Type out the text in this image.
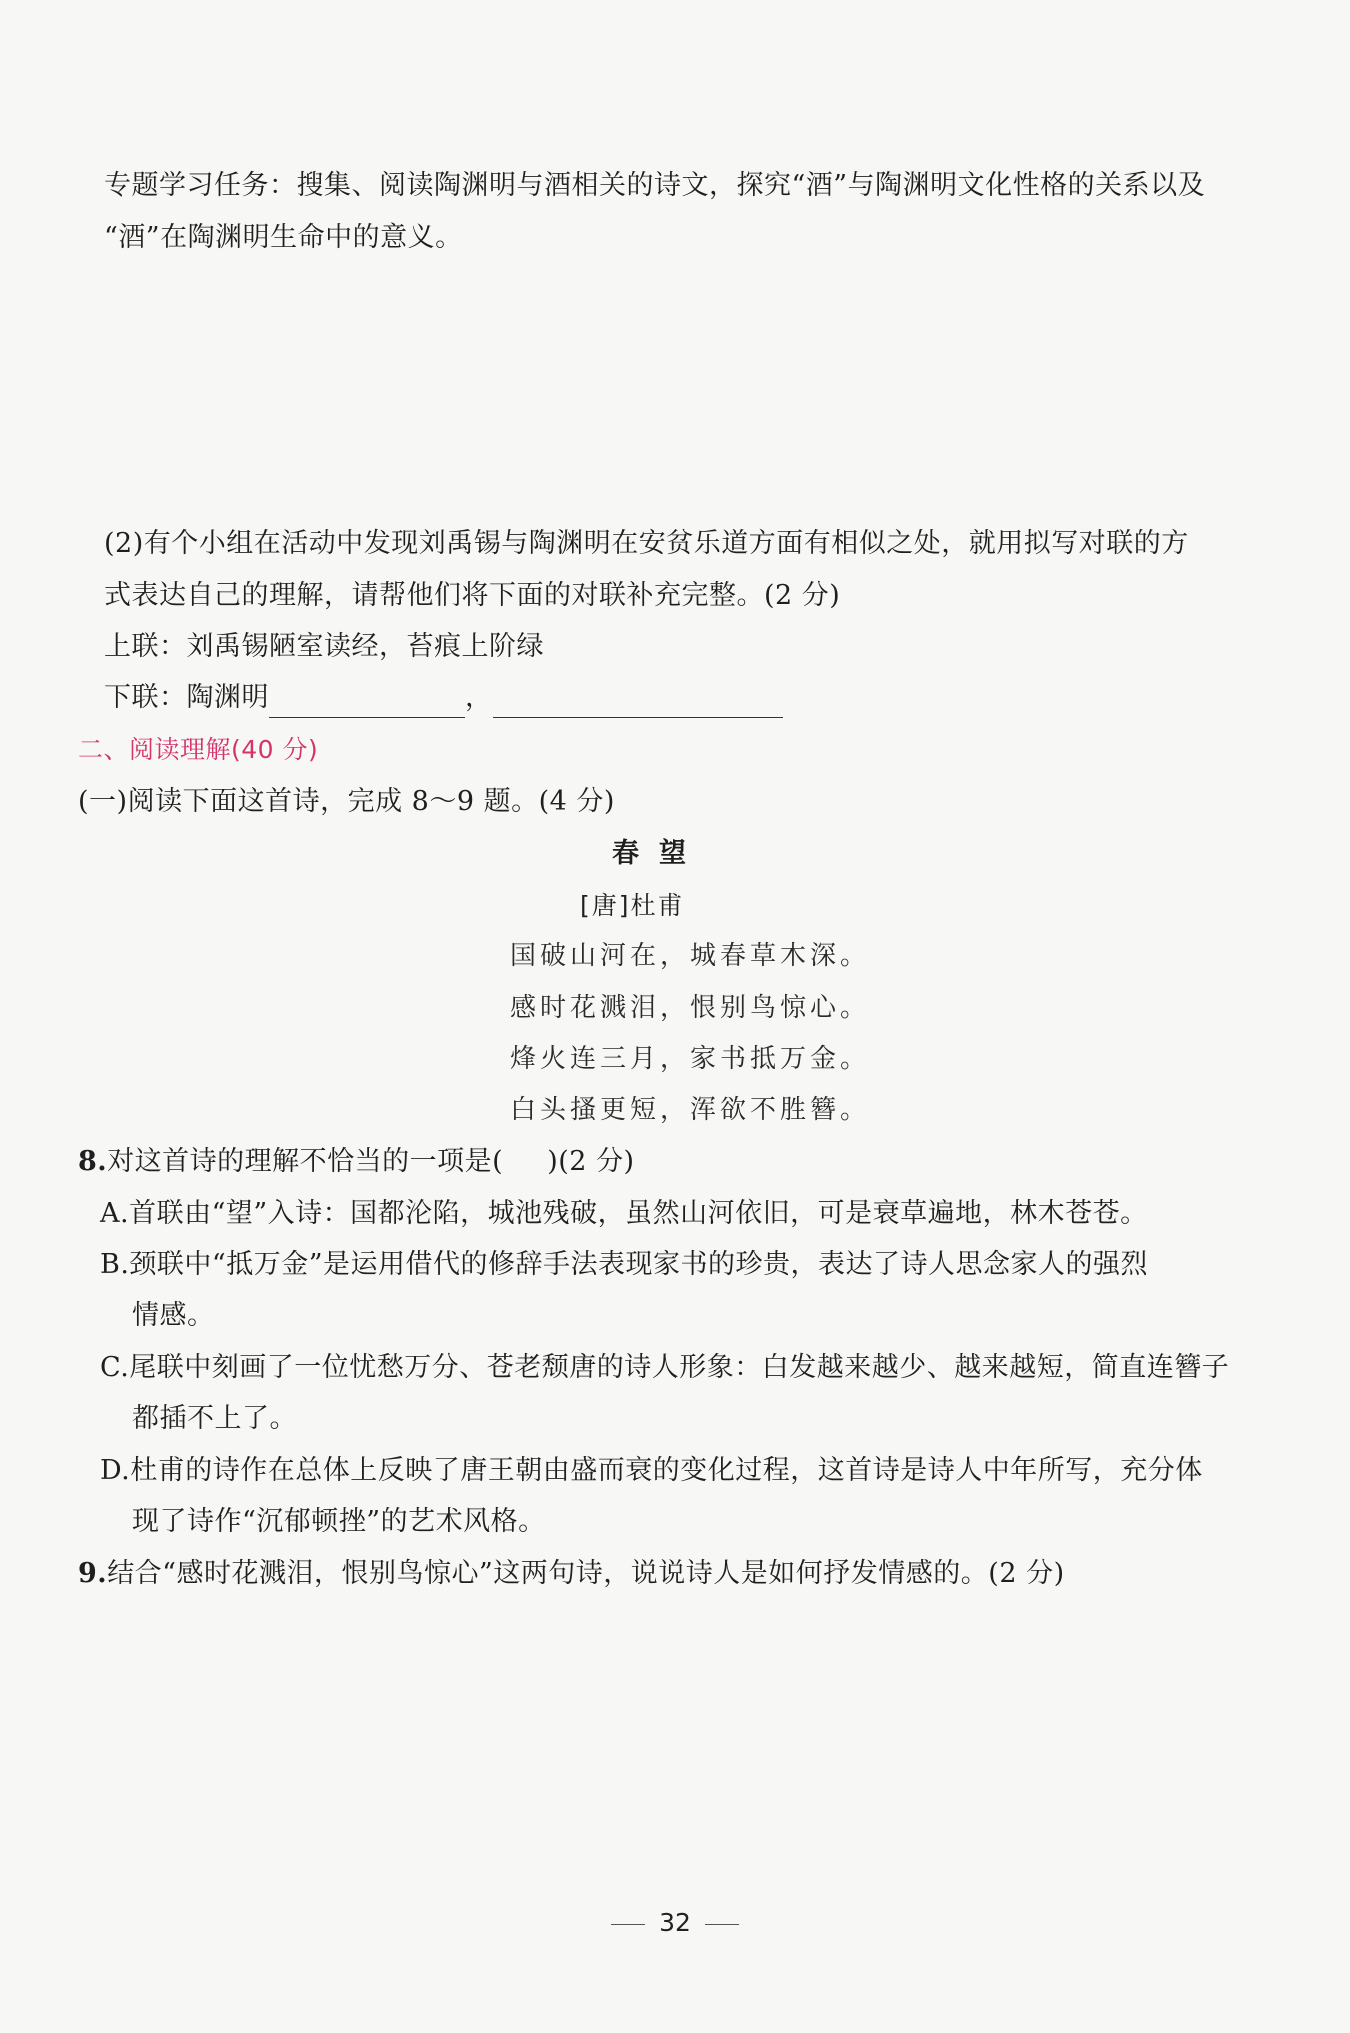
专题学习任务：搜集、阅读陶渊明与酒相关的诗文，探究“酒”与陶渊明文化性格的关系以及
“酒”在陶渊明生命中的意义。
(2)有个小组在活动中发现刘禹锡与陶渊明在安贫乐道方面有相似之处，就用拟写对联的方
式表达自己的理解，请帮他们将下面的对联补充完整。(2 分)
上联：刘禹锡陋室读经，苔痕上阶绿
下联：陶渊明	，
二、阅读理解(40 分)
(一)阅读下面这首诗，完成 8～9 题。(4 分)
春望
[唐]杜甫
国破山河在，城春草木深。
感时花溅泪，恨别鸟惊心。
烽火连三月，家书抵万金。
白头搔更短，浑欲不胜簪。
8.对这首诗的理解不恰当的一项是( )(2 分)
A.首联由“望”入诗：国都沦陷，城池残破，虽然山河依旧，可是衰草遍地，林木苍苍。
B.颈联中“抵万金”是运用借代的修辞手法表现家书的珍贵，表达了诗人思念家人的强烈
情感。
C.尾联中刻画了一位忧愁万分、苍老颓唐的诗人形象：白发越来越少、越来越短，简直连簪子
都插不上了。
D.杜甫的诗作在总体上反映了唐王朝由盛而衰的变化过程，这首诗是诗人中年所写，充分体
现了诗作“沉郁顿挫”的艺术风格。
9.结合“感时花溅泪，恨别鸟惊心”这两句诗，说说诗人是如何抒发情感的。(2 分)
32
